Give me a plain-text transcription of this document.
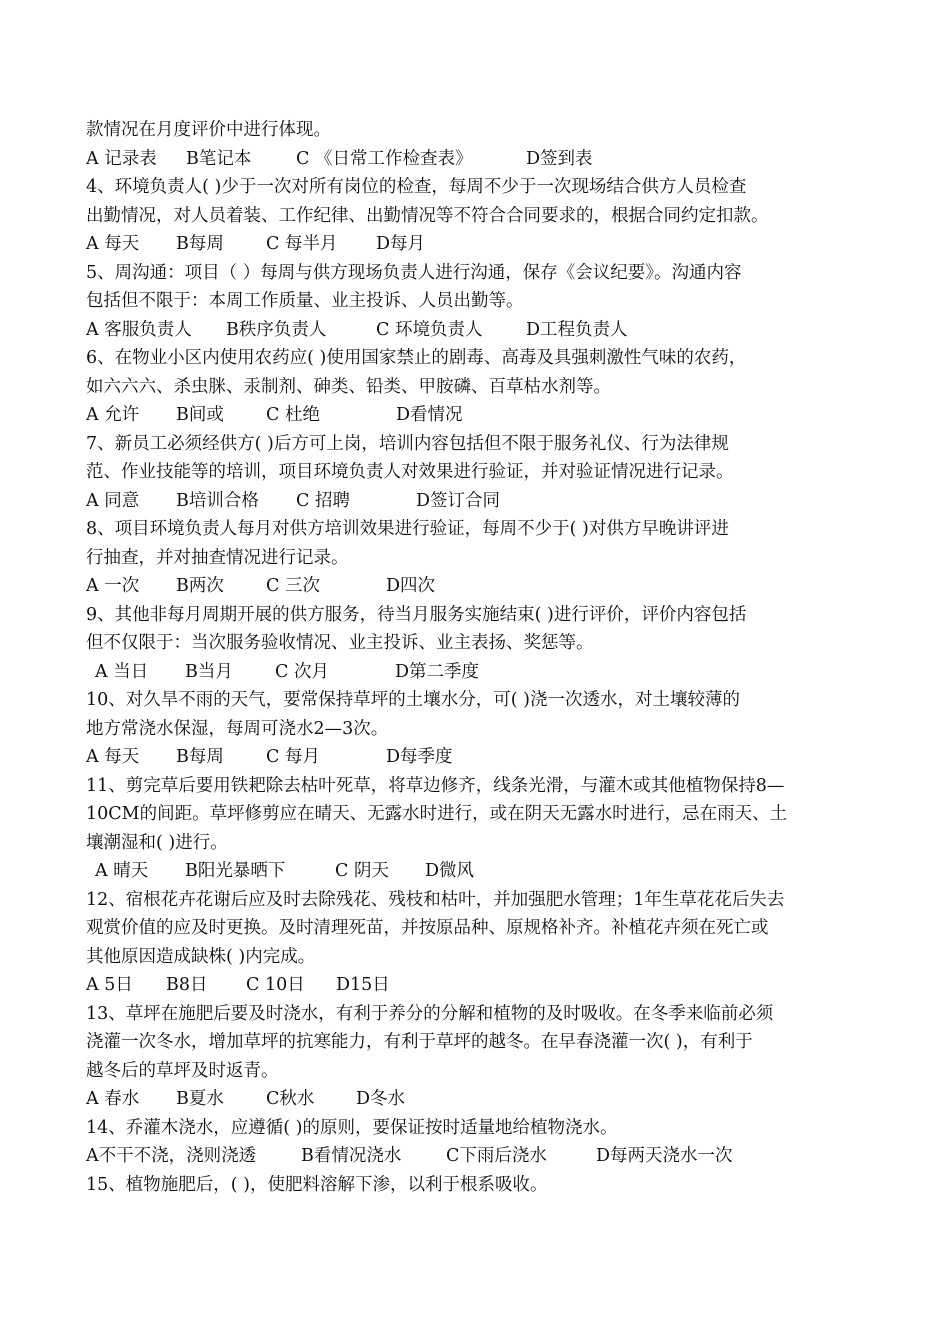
款情况在月度评价中进行体现。
A 记录表	B笔记本	C 《日常工作检查表》	D签到表
4、环境负责人( )少于一次对所有岗位的检查，每周不少于一次现场结合供方人员检查
出勤情况，对人员着装、工作纪律、出勤情况等不符合合同要求的，根据合同约定扣款。
A 每天	B每周	C 每半月	D每月
5、周沟通：项目（ ）每周与供方现场负责人进行沟通，保存《会议纪要》。沟通内容
包括但不限于：本周工作质量、业主投诉、人员出勤等。
A 客服负责人	B秩序负责人	C 环境负责人	D工程负责人
6、在物业小区内使用农药应( )使用国家禁止的剧毒、高毒及具强刺激性气味的农药，
如六六六、杀虫脒、汞制剂、砷类、铅类、甲胺磷、百草枯水剂等。
A 允许	B间或	C 杜绝	D看情况
7、新员工必须经供方( )后方可上岗，培训内容包括但不限于服务礼仪、行为法律规
范、作业技能等的培训，项目环境负责人对效果进行验证，并对验证情况进行记录。
A 同意	B培训合格	C 招聘	D签订合同
8、项目环境负责人每月对供方培训效果进行验证，每周不少于( )对供方早晚讲评进
行抽查，并对抽查情况进行记录。
A 一次	B两次	C 三次	D四次
9、其他非每月周期开展的供方服务，待当月服务实施结束( )进行评价，评价内容包括
但不仅限于：当次服务验收情况、业主投诉、业主表扬、奖惩等。
A 当日	B当月	C 次月	D第二季度
10、对久旱不雨的天气，要常保持草坪的土壤水分，可( )浇一次透水，对土壤较薄的
地方常浇水保湿，每周可浇水2—3次。
A 每天	B每周	C 每月	D每季度
11、剪完草后要用铁耙除去枯叶死草，将草边修齐，线条光滑，与灌木或其他植物保持8—
10CM的间距。草坪修剪应在晴天、无露水时进行，或在阴天无露水时进行，忌在雨天、土
壤潮湿和( )进行。
A 晴天	B阳光暴晒下	C 阴天	D微风
12、宿根花卉花谢后应及时去除残花、残枝和枯叶，并加强肥水管理；1年生草花花后失去
观赏价值的应及时更换。及时清理死苗，并按原品种、原规格补齐。补植花卉须在死亡或
其他原因造成缺株( )内完成。
A 5日	B8日	C 10日	D15日
13、草坪在施肥后要及时浇水，有利于养分的分解和植物的及时吸收。在冬季来临前必须
浇灌一次冬水，增加草坪的抗寒能力，有利于草坪的越冬。在早春浇灌一次( )，有利于
越冬后的草坪及时返青。
A 春水	B夏水	C秋水	D冬水
14、乔灌木浇水，应遵循( )的原则，要保证按时适量地给植物浇水。
A不干不浇，浇则浇透	B看情况浇水	C下雨后浇水	D每两天浇水一次
15、植物施肥后，( )，使肥料溶解下渗，以利于根系吸收。
